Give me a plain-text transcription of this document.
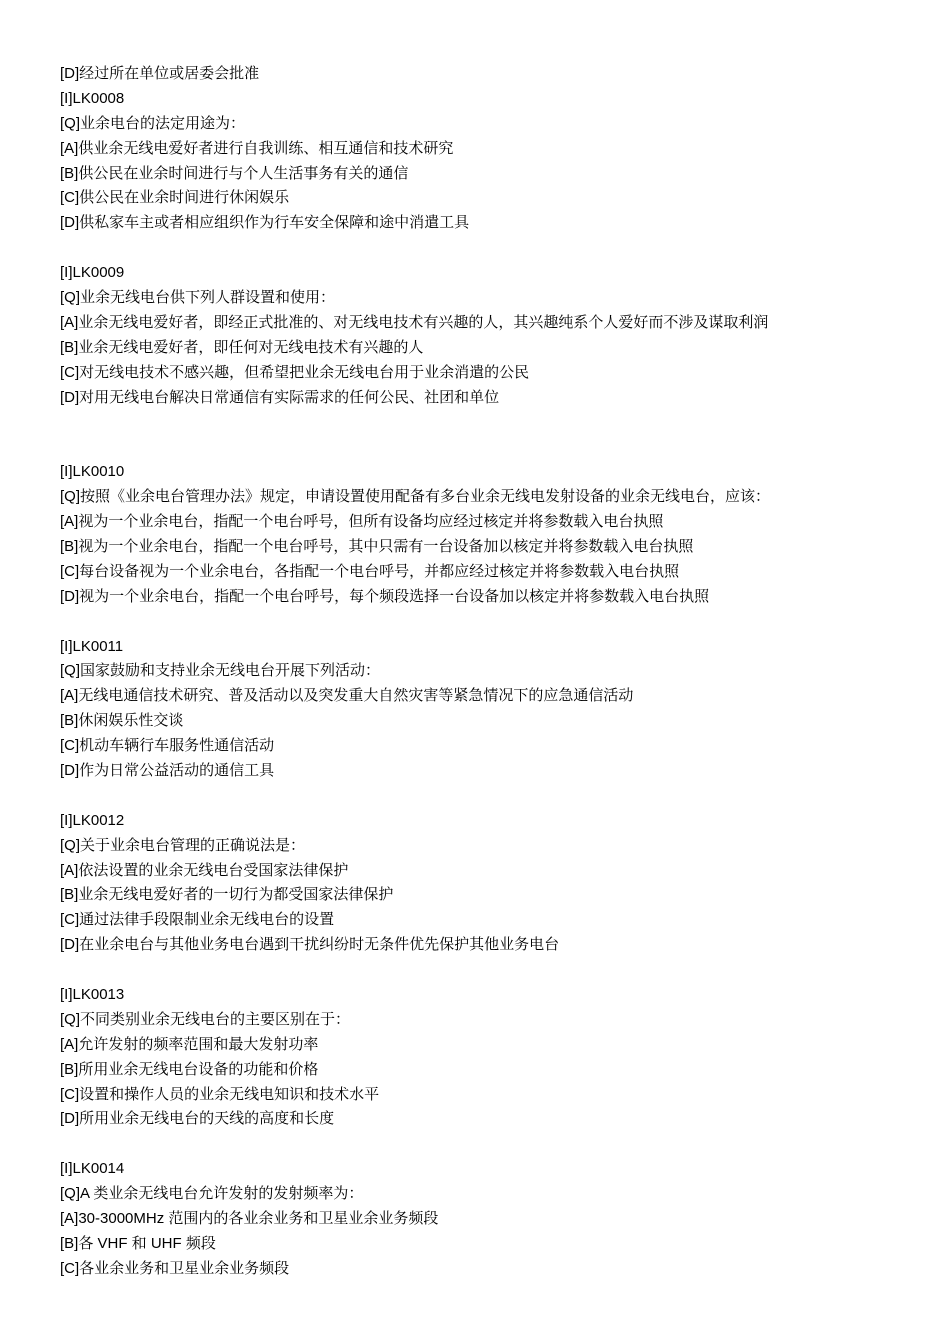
[D]经过所在单位或居委会批准
[I]LK0008
[Q]业余电台的法定用途为：
[A]供业余无线电爱好者进行自我训练、相互通信和技术研究
[B]供公民在业余时间进行与个人生活事务有关的通信
[C]供公民在业余时间进行休闲娱乐
[D]供私家车主或者相应组织作为行车安全保障和途中消遣工具
[I]LK0009
[Q]业余无线电台供下列人群设置和使用：
[A]业余无线电爱好者，即经正式批准的、对无线电技术有兴趣的人，其兴趣纯系个人爱好而不涉及谋取利润
[B]业余无线电爱好者，即任何对无线电技术有兴趣的人
[C]对无线电技术不感兴趣，但希望把业余无线电台用于业余消遣的公民
[D]对用无线电台解决日常通信有实际需求的任何公民、社团和单位
[I]LK0010
[Q]按照《业余电台管理办法》规定，申请设置使用配备有多台业余无线电发射设备的业余无线电台，应该：
[A]视为一个业余电台，指配一个电台呼号，但所有设备均应经过核定并将参数载入电台执照
[B]视为一个业余电台，指配一个电台呼号，其中只需有一台设备加以核定并将参数载入电台执照
[C]每台设备视为一个业余电台，各指配一个电台呼号，并都应经过核定并将参数载入电台执照
[D]视为一个业余电台，指配一个电台呼号，每个频段选择一台设备加以核定并将参数载入电台执照
[I]LK0011
[Q]国家鼓励和支持业余无线电台开展下列活动：
[A]无线电通信技术研究、普及活动以及突发重大自然灾害等紧急情况下的应急通信活动
[B]休闲娱乐性交谈
[C]机动车辆行车服务性通信活动
[D]作为日常公益活动的通信工具
[I]LK0012
[Q]关于业余电台管理的正确说法是：
[A]依法设置的业余无线电台受国家法律保护
[B]业余无线电爱好者的一切行为都受国家法律保护
[C]通过法律手段限制业余无线电台的设置
[D]在业余电台与其他业务电台遇到干扰纠纷时无条件优先保护其他业务电台
[I]LK0013
[Q]不同类别业余无线电台的主要区别在于：
[A]允许发射的频率范围和最大发射功率
[B]所用业余无线电台设备的功能和价格
[C]设置和操作人员的业余无线电知识和技术水平
[D]所用业余无线电台的天线的高度和长度
[I]LK0014
[Q]A 类业余无线电台允许发射的发射频率为：
[A]30-3000MHz 范围内的各业余业务和卫星业余业务频段
[B]各 VHF 和 UHF 频段
[C]各业余业务和卫星业余业务频段
